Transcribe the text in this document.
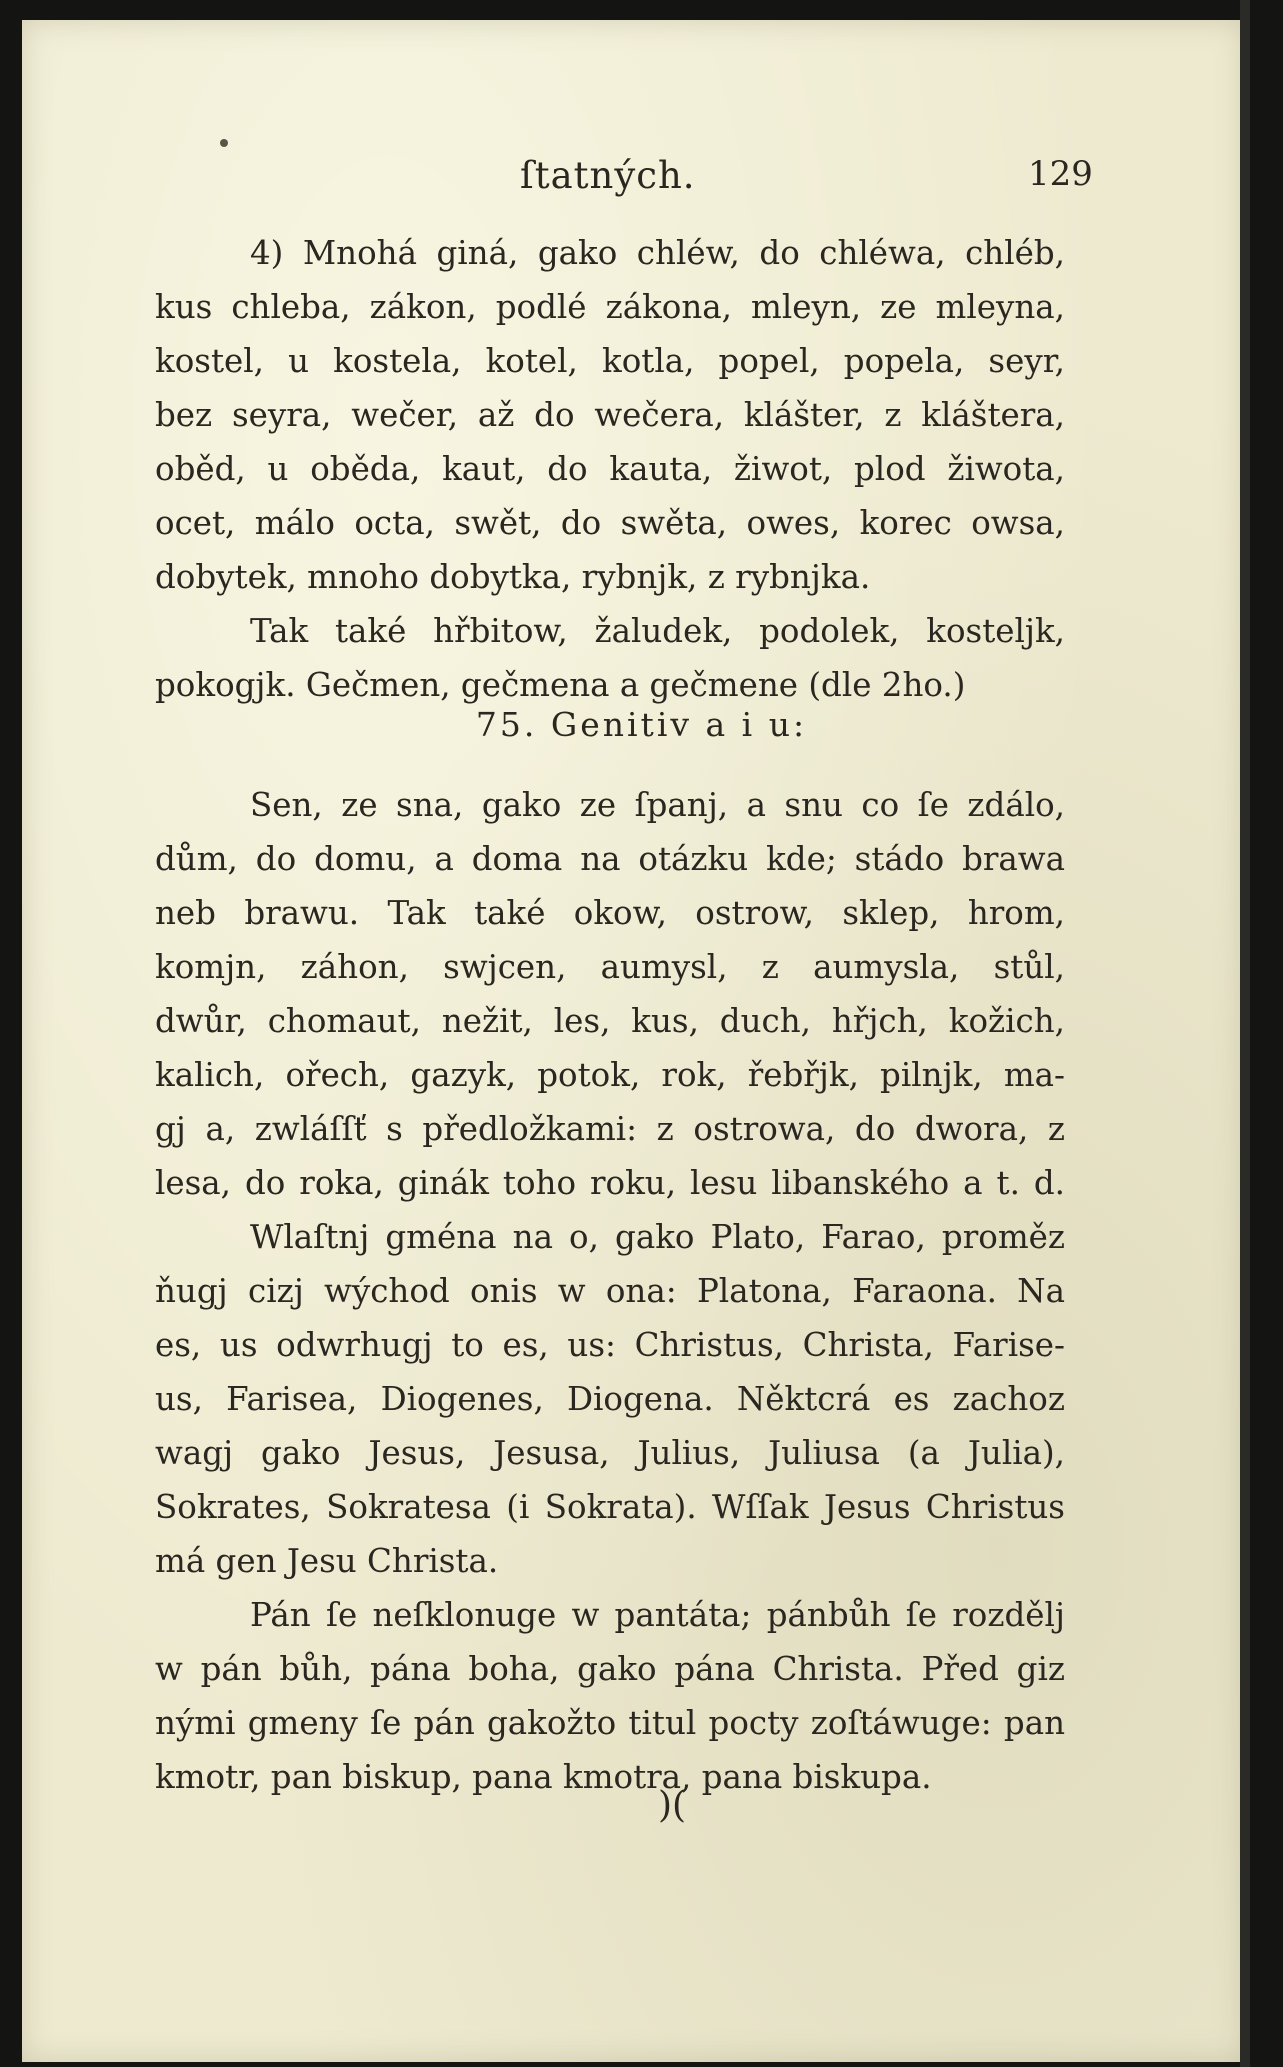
ſtatných.	129
4) Mnohá giná, gako chléw, do chléwa, chléb,
kus chleba, zákon, podlé zákona, mleyn, ze mleyna,
kostel, u kostela, kotel, kotla, popel, popela, seyr,
bez seyra, wečer, až do wečera, klášter, z kláštera,
oběd, u oběda, kaut, do kauta, žiwot, plod žiwota,
ocet, málo octa, swět, do swěta, owes, korec owsa,
dobytek, mnoho dobytka, rybnjk, z rybnjka.
Tak také hřbitow, žaludek, podolek, kosteljk,
pokogjk. Gečmen, gečmena a gečmene (dle 2ho.)
75. Genitiv a i u:
Sen, ze sna, gako ze ſpanj, a snu co ſe zdálo,
dům, do domu, a doma na otázku kde; stádo brawa
neb brawu. Tak také okow, ostrow, sklep, hrom,
komjn, záhon, swjcen, aumysl, z aumysla, stůl,
dwůr, chomaut, nežit, les, kus, duch, hřjch, kožich,
kalich, ořech, gazyk, potok, rok, řebřjk, pilnjk, ma-
gj a, zwláſſť s předložkami: z ostrowa, do dwora, z
lesa, do roka, ginák toho roku, lesu libanského a t. d.
Wlaſtnj gména na o, gako Plato, Farao, proměz
ňugj cizj wýchod onis w ona: Platona, Faraona. Na
es, us odwrhugj to es, us: Christus, Christa, Farise-
us, Farisea, Diogenes, Diogena. Něktcrá es zachoz
wagj gako Jesus, Jesusa, Julius, Juliusa (a Julia),
Sokrates, Sokratesa (i Sokrata). Wſſak Jesus Christus
má gen Jesu Christa.
Pán ſe neſklonuge w pantáta; pánbůh ſe rozdělj
w pán bůh, pána boha, gako pána Christa. Před giz
nými gmeny ſe pán gakožto titul pocty zoſtáwuge: pan
kmotr, pan biskup, pana kmotra, pana biskupa.
)(
